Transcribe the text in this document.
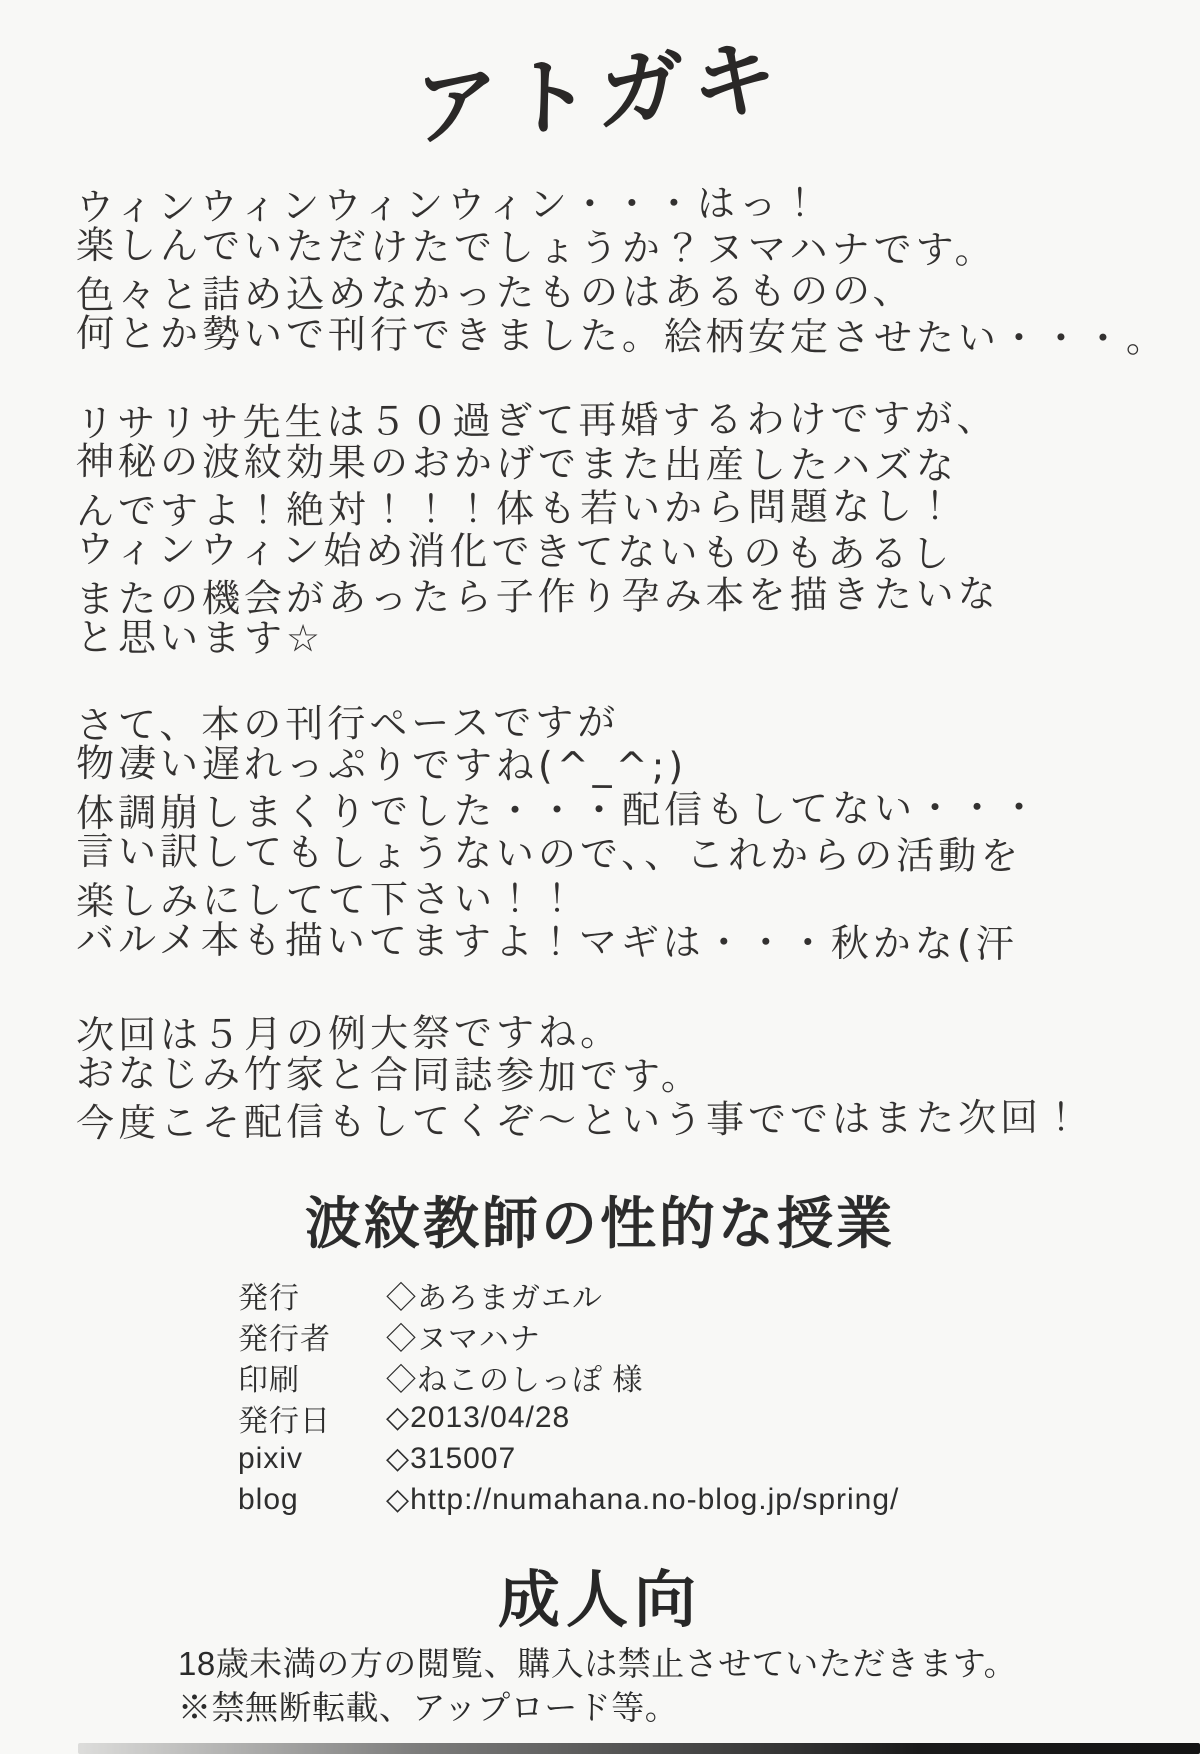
アトガキ
ウィンウィンウィンウィン・・・はっ！
楽しんでいただけたでしょうか？ヌマハナです。
色々と詰め込めなかったものはあるものの、
何とか勢いで刊行できました。絵柄安定させたい・・・。
リサリサ先生は５０過ぎて再婚するわけですが、
神秘の波紋効果のおかげでまた出産したハズな
んですよ！絶対！！！体も若いから問題なし！
ウィンウィン始め消化できてないものもあるし
またの機会があったら子作り孕み本を描きたいな
と思います☆
さて、本の刊行ペースですが
物凄い遅れっぷりですね(^_^;)
体調崩しまくりでした・・・配信もしてない・・・
言い訳してもしょうないので、、これからの活動を
楽しみにしてて下さい！！
バルメ本も描いてますよ！マギは・・・秋かな(汗
次回は５月の例大祭ですね。
おなじみ竹家と合同誌参加です。
今度こそ配信もしてくぞ～という事でではまた次回！
波紋教師の性的な授業
発行	◇あろまガエル
発行者	◇ヌマハナ
印刷	◇ねこのしっぽ 様
発行日	◇2013/04/28
pixiv	◇315007
blog	◇http://numahana.no-blog.jp/spring/
成人向
18歳未満の方の閲覧、購入は禁止させていただきます。
※禁無断転載、アップロード等。
